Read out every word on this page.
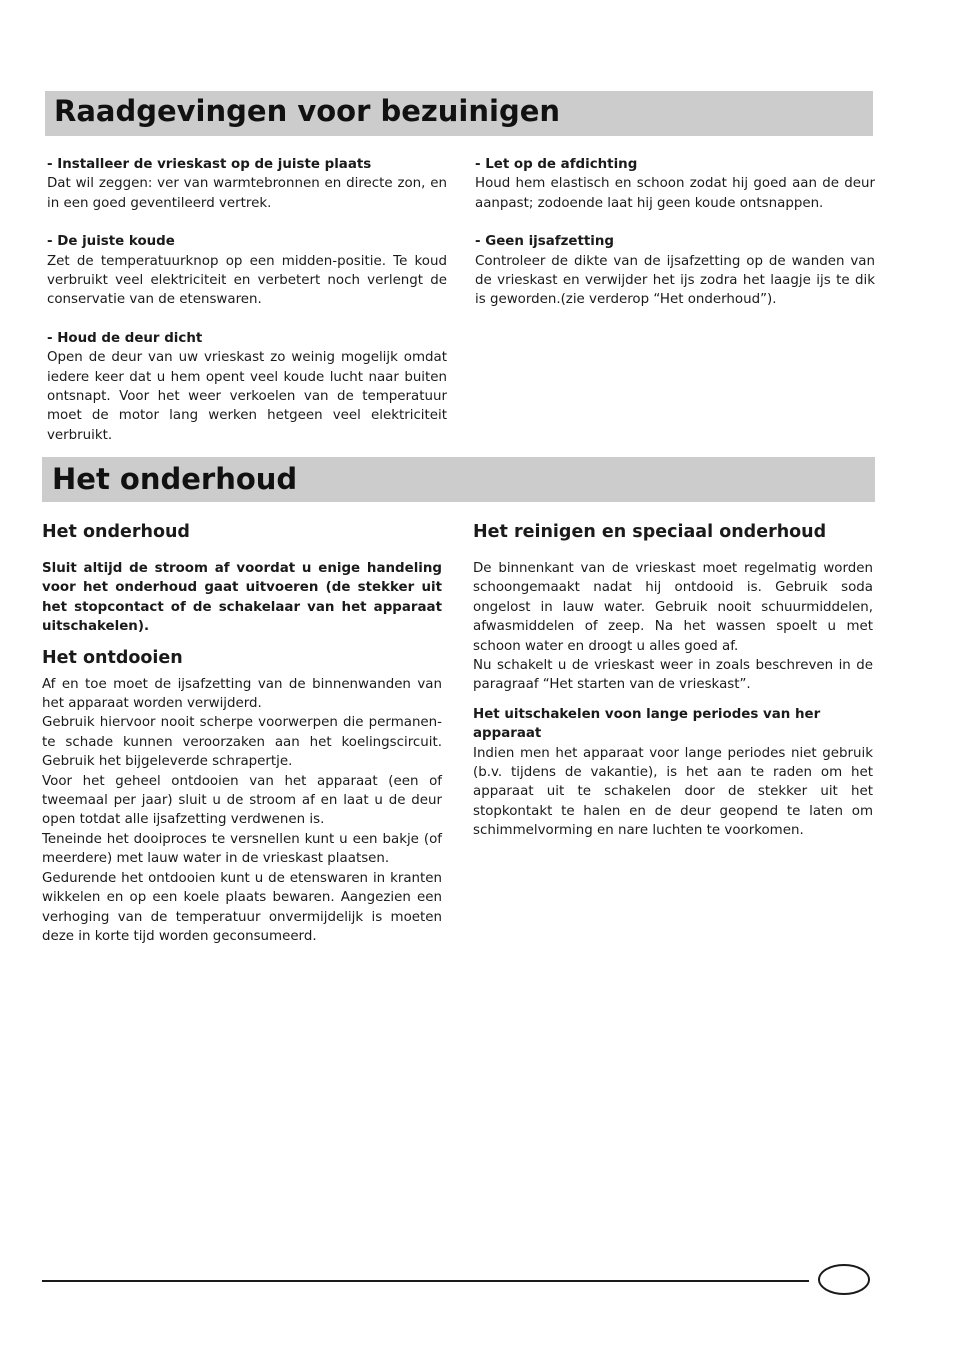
Raadgevingen voor bezuinigen

- Installeer de vrieskast op de juiste plaats

Dat wil zeggen: ver van warmtebronnen en directe zon, en in een goed geventileerd vertrek.

- De juiste koude

Zet de temperatuurknop op een midden-positie. Te koud verbruikt veel elektriciteit en verbetert noch verlengt de conservatie van de etenswaren.

- Houd de deur dicht

Open de deur van uw vrieskast zo weinig mogelijk omdat iedere keer dat u hem opent veel koude lucht naar buiten ontsnapt. Voor het weer verkoelen van de temperatuur moet de motor lang werken hetgeen veel elektriciteit verbruikt.

- Let op de afdichting

Houd hem elastisch en schoon zodat hij goed aan de deur aanpast; zodoende laat hij geen koude ontsnappen.

- Geen ijsafzetting

Controleer de dikte van de ijsafzetting op de wanden van de vrieskast en verwijder het ijs zodra het laagje ijs te dik is geworden.(zie verderop “Het onderhoud”).

Het onderhoud

Het onderhoud

Sluit altijd de stroom af voordat u enige handeling voor het onderhoud gaat uitvoeren (de stekker uit het stopcontact of de schakelaar van het apparaat uitschakelen).

Het ontdooien

Af en toe moet de ijsafzetting van de binnenwanden van het apparaat worden verwijderd.

Gebruik hiervoor nooit scherpe voorwerpen die permanen-te schade kunnen veroorzaken aan het koelingscircuit. Gebruik het bijgeleverde schrapertje.

Voor het geheel ontdooien van het apparaat (een of tweemaal per jaar) sluit u de stroom af en laat u de deur open totdat alle ijsafzetting verdwenen is.

Teneinde het dooiproces te versnellen kunt u een bakje (of meerdere) met lauw water in de vrieskast plaatsen.

Gedurende het ontdooien kunt u de etenswaren in kranten wikkelen en op een koele plaats bewaren. Aangezien een verhoging van de temperatuur onvermijdelijk is moeten deze in korte tijd worden geconsumeerd.

Het reinigen en speciaal onderhoud

De binnenkant van de vrieskast moet regelmatig worden schoongemaakt nadat hij ontdooid is. Gebruik soda ongelost in lauw water. Gebruik nooit schuurmiddelen, afwasmiddelen of zeep. Na het wassen spoelt u met schoon water en droogt u alles goed af.

Nu schakelt u de vrieskast weer in zoals beschreven in de paragraaf “Het starten van de vrieskast”.

Het uitschakelen voon lange periodes van her apparaat

Indien men het apparaat voor lange periodes niet gebruik (b.v. tijdens de vakantie), is het aan te raden om het apparaat uit te schakelen door de stekker uit het stopkontakt te halen en de deur geopend te laten om schimmelvorming en nare luchten te voorkomen.
